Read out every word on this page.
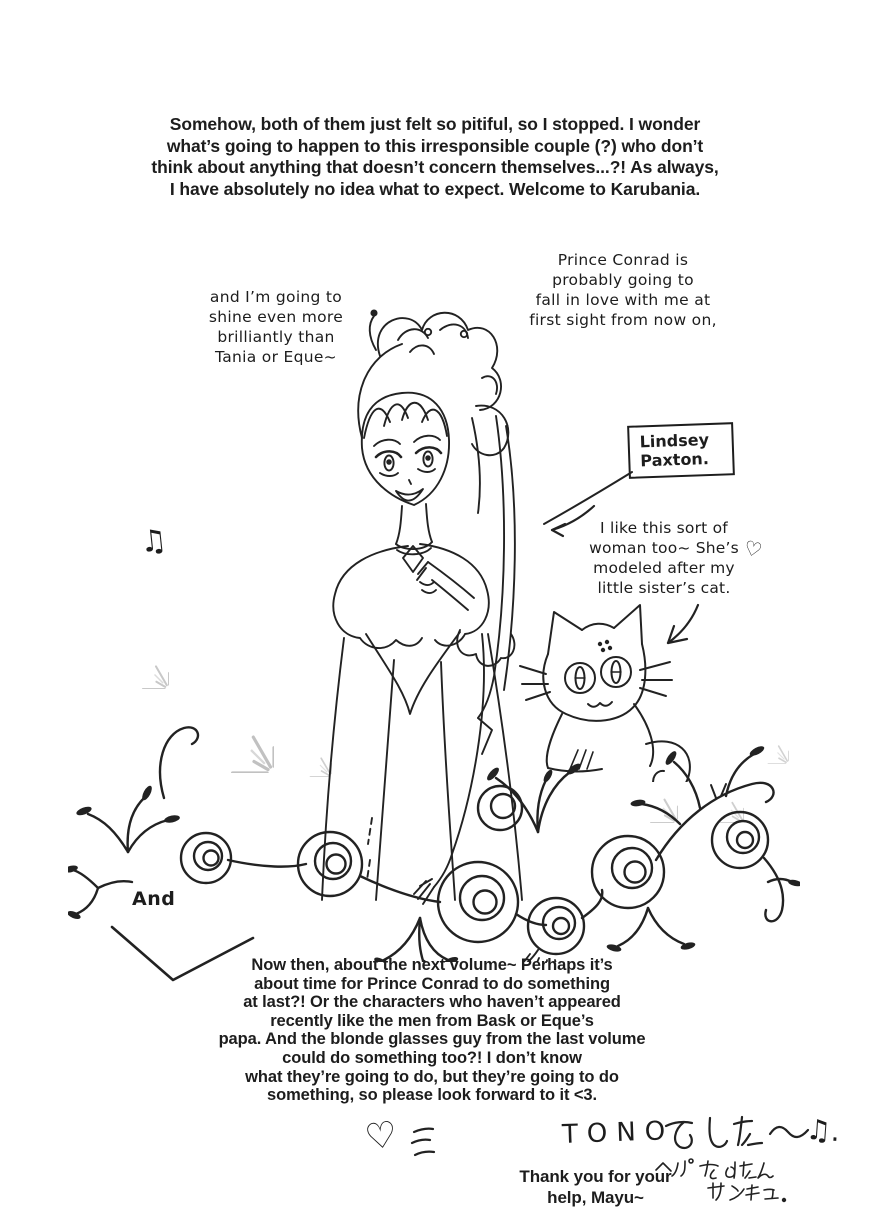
Somehow, both of them just felt so pitiful, so I stopped. I wonder
what’s going to happen to this irresponsible couple (?) who don’t
think about anything that doesn’t concern themselves...?! As always,
I have absolutely no idea what to expect. Welcome to Karubania.
and I’m going to
shine even more
brilliantly than
Tania or Eque~
Prince Conrad is
probably going to
fall in love with me at
first sight from now on,
♫
Lindsey
Paxton.
I like this sort of
woman too~ She’s
modeled after my
little sister’s cat.
♡
And
Now then, about the next volume~ Perhaps it’s
about time for Prince Conrad to do something
at last?! Or the characters who haven’t appeared
recently like the men from Bask or Eque’s
papa. And the blonde glasses guy from the last volume
could do something too?! I don’t know
what they’re going to do, but they’re going to do
something, so please look forward to it <3.
♡	TONO	♫.
Thank you for your
help, Mayu~
